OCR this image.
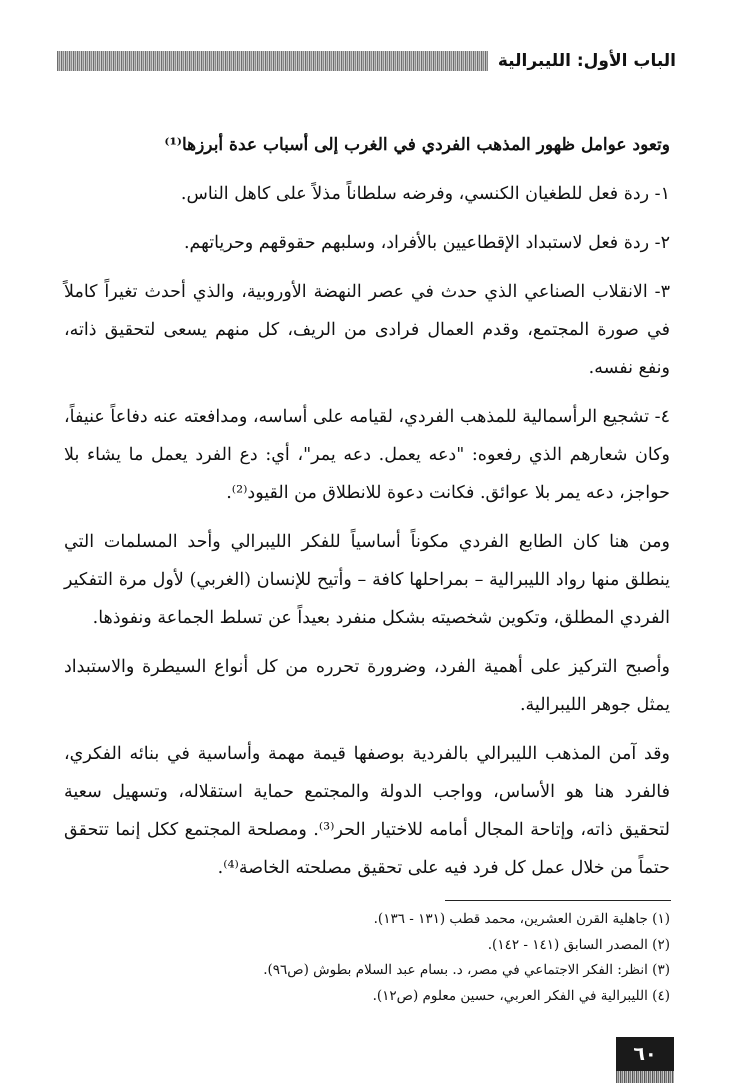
الباب الأول: الليبرالية

وتعود عوامل ظهور المذهب الفردي في الغرب إلى أسباب عدة أبرزها⁽¹⁾

١- ردة فعل للطغيان الكنسي، وفرضه سلطاناً مذلاً على كاهل الناس.

٢- ردة فعل لاستبداد الإقطاعيين بالأفراد، وسلبهم حقوقهم وحرياتهم.

٣- الانقلاب الصناعي الذي حدث في عصر النهضة الأوروبية، والذي أحدث تغيراً كاملاً في صورة المجتمع، وقدم العمال فرادى من الريف، كل منهم يسعى لتحقيق ذاته، ونفع نفسه.

٤- تشجيع الرأسمالية للمذهب الفردي، لقيامه على أساسه، ومدافعته عنه دفاعاً عنيفاً، وكان شعارهم الذي رفعوه: "دعه يعمل. دعه يمر"، أي: دع الفرد يعمل ما يشاء بلا حواجز، دعه يمر بلا عوائق. فكانت دعوة للانطلاق من القيود⁽²⁾.

ومن هنا كان الطابع الفردي مكوناً أساسياً للفكر الليبرالي وأحد المسلمات التي ينطلق منها رواد الليبرالية – بمراحلها كافة – وأتيح للإنسان (الغربي) لأول مرة التفكير الفردي المطلق، وتكوين شخصيته بشكل منفرد بعيداً عن تسلط الجماعة ونفوذها.

وأصبح التركيز على أهمية الفرد، وضرورة تحرره من كل أنواع السيطرة والاستبداد يمثل جوهر الليبرالية.

وقد آمن المذهب الليبرالي بالفردية بوصفها قيمة مهمة وأساسية في بنائه الفكري، فالفرد هنا هو الأساس، وواجب الدولة والمجتمع حماية استقلاله، وتسهيل سعية لتحقيق ذاته، وإتاحة المجال أمامه للاختيار الحر⁽³⁾. ومصلحة المجتمع ككل إنما تتحقق حتماً من خلال عمل كل فرد فيه على تحقيق مصلحته الخاصة⁽⁴⁾.

(١) جاهلية القرن العشرين، محمد قطب (١٣١ - ١٣٦).

(٢) المصدر السابق (١٤١ - ١٤٢).

(٣) انظر: الفكر الاجتماعي في مصر، د. بسام عبد السلام بطوش (ص٩٦).

(٤) الليبرالية في الفكر العربي، حسين معلوم (ص١٢).

٦٠
